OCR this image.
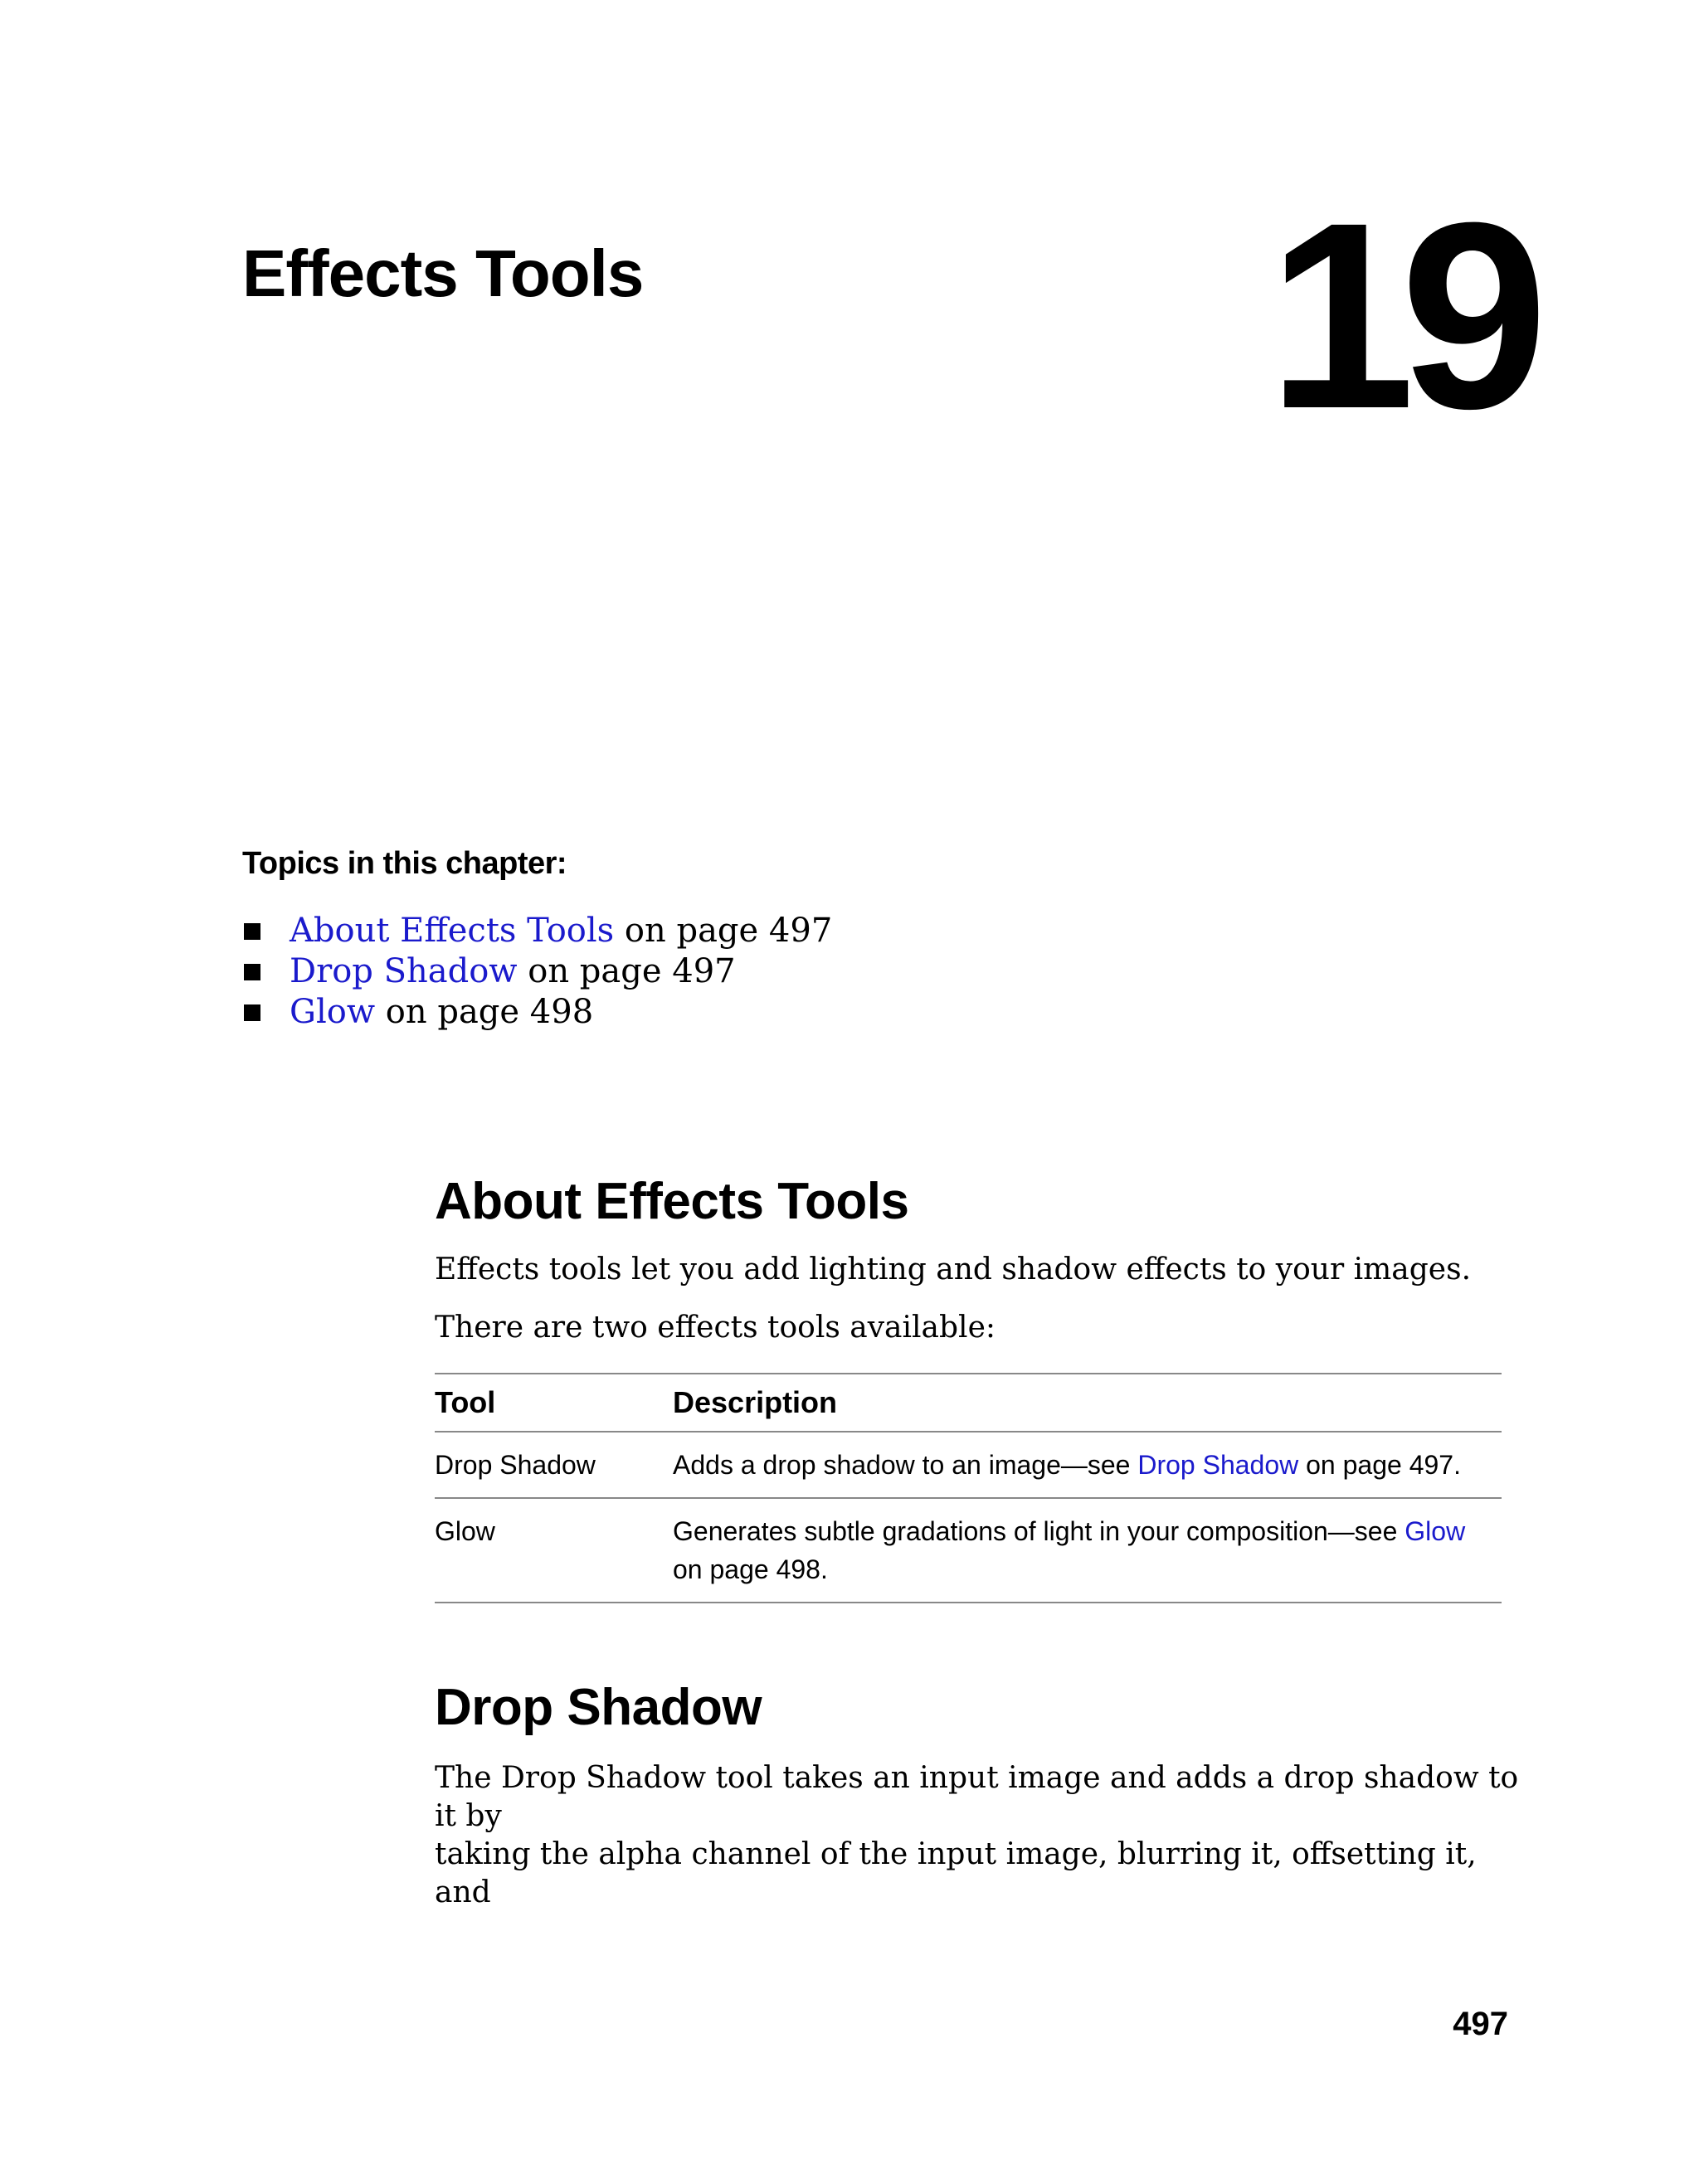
Effects Tools 19
Topics in this chapter:
About Effects Tools on page 497
Drop Shadow on page 497
Glow on page 498
About Effects Tools

Effects tools let you add lighting and shadow effects to your images.

There are two effects tools available:

Tool	Description
Drop Shadow	Adds a drop shadow to an image—see Drop Shadow on page 497.
Glow	Generates subtle gradations of light in your composition—see Glow on page 498.
Drop Shadow

The Drop Shadow tool takes an input image and adds a drop shadow to it by
taking the alpha channel of the input image, blurring it, offsetting it, and

497
